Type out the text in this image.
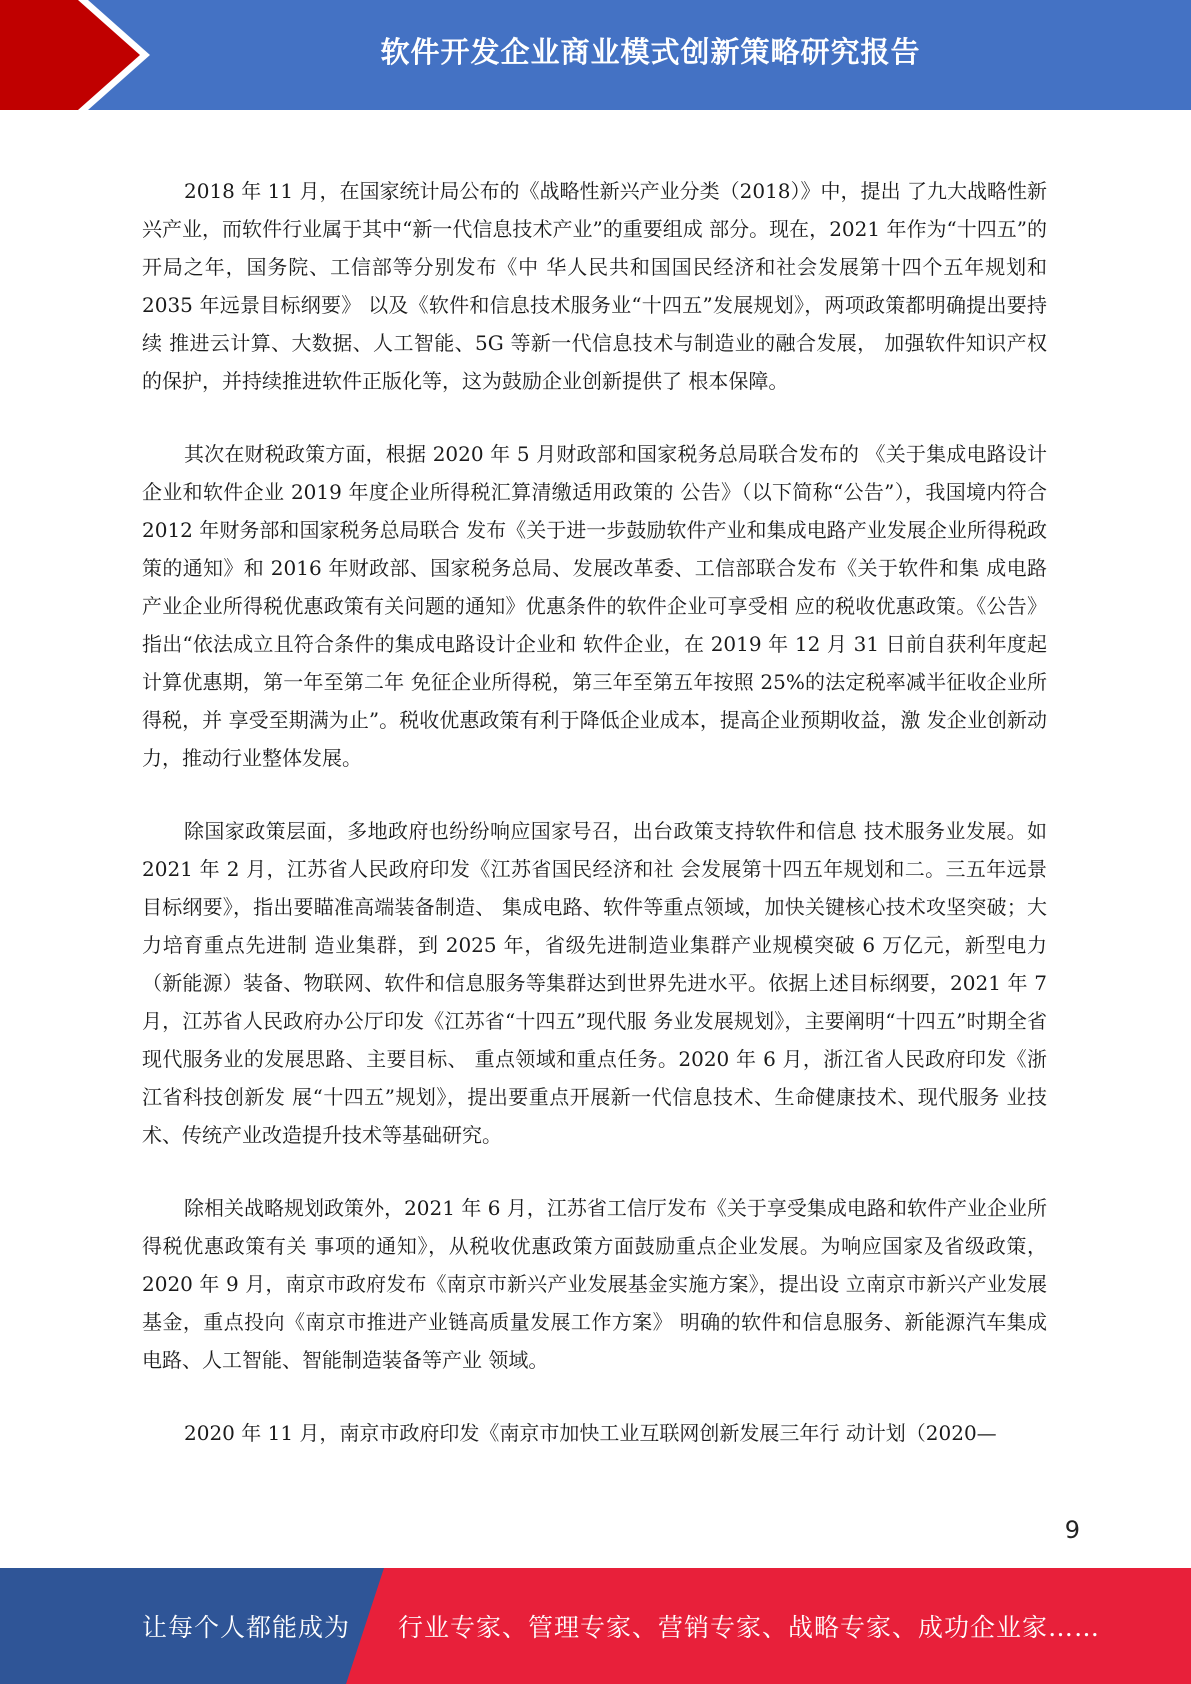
软件开发企业商业模式创新策略研究报告

2018 年 11 月，在国家统计局公布的《战略性新兴产业分类（2018）》中，提出 了九大战略性新兴产业，而软件行业属于其中“新一代信息技术产业”的重要组成 部分。现在，2021 年作为“十四五”的开局之年，国务院、工信部等分别发布《中 华人民共和国国民经济和社会发展第十四个五年规划和 2035 年远景目标纲要》 以及《软件和信息技术服务业“十四五”发展规划》，两项政策都明确提出要持续 推进云计算、大数据、人工智能、5G 等新一代信息技术与制造业的融合发展， 加强软件知识产权的保护，并持续推进软件正版化等，这为鼓励企业创新提供了 根本保障。

其次在财税政策方面，根据 2020 年 5 月财政部和国家税务总局联合发布的 《关于集成电路设计企业和软件企业 2019 年度企业所得税汇算清缴适用政策的 公告》（以下简称“公告”），我国境内符合 2012 年财务部和国家税务总局联合 发布《关于进一步鼓励软件产业和集成电路产业发展企业所得税政策的通知》和 2016 年财政部、国家税务总局、发展改革委、工信部联合发布《关于软件和集 成电路产业企业所得税优惠政策有关问题的通知》优惠条件的软件企业可享受相 应的税收优惠政策。《公告》指出“依法成立且符合条件的集成电路设计企业和 软件企业，在 2019 年 12 月 31 日前自获利年度起计算优惠期，第一年至第二年 免征企业所得税，第三年至第五年按照 25%的法定税率减半征收企业所得税，并 享受至期满为止”。税收优惠政策有利于降低企业成本，提高企业预期收益，激 发企业创新动力，推动行业整体发展。

除国家政策层面，多地政府也纷纷响应国家号召，出台政策支持软件和信息 技术服务业发展。如 2021 年 2 月，江苏省人民政府印发《江苏省国民经济和社 会发展第十四五年规划和二。三五年远景目标纲要》，指出要瞄准高端装备制造、 集成电路、软件等重点领域，加快关键核心技术攻坚突破；大力培育重点先进制 造业集群，到 2025 年，省级先进制造业集群产业规模突破 6 万亿元，新型电力 （新能源）装备、物联网、软件和信息服务等集群达到世界先进水平。依据上述目标纲要，2021 年 7 月，江苏省人民政府办公厅印发《江苏省“十四五”现代服 务业发展规划》，主要阐明“十四五”时期全省现代服务业的发展思路、主要目标、 重点领域和重点任务。2020 年 6 月，浙江省人民政府印发《浙江省科技创新发 展“十四五”规划》，提出要重点开展新一代信息技术、生命健康技术、现代服务 业技术、传统产业改造提升技术等基础研究。

除相关战略规划政策外，2021 年 6 月，江苏省工信厅发布《关于享受集成电路和软件产业企业所得税优惠政策有关 事项的通知》，从税收优惠政策方面鼓励重点企业发展。为响应国家及省级政策，2020 年 9 月，南京市政府发布《南京市新兴产业发展基金实施方案》，提出设 立南京市新兴产业发展基金，重点投向《南京市推进产业链高质量发展工作方案》 明确的软件和信息服务、新能源汽车集成电路、人工智能、智能制造装备等产业 领域。

2020 年 11 月，南京市政府印发《南京市加快工业互联网创新发展三年行 动计划（2020—

9
让每个人都能成为 行业专家、管理专家、营销专家、战略专家、成功企业家……
